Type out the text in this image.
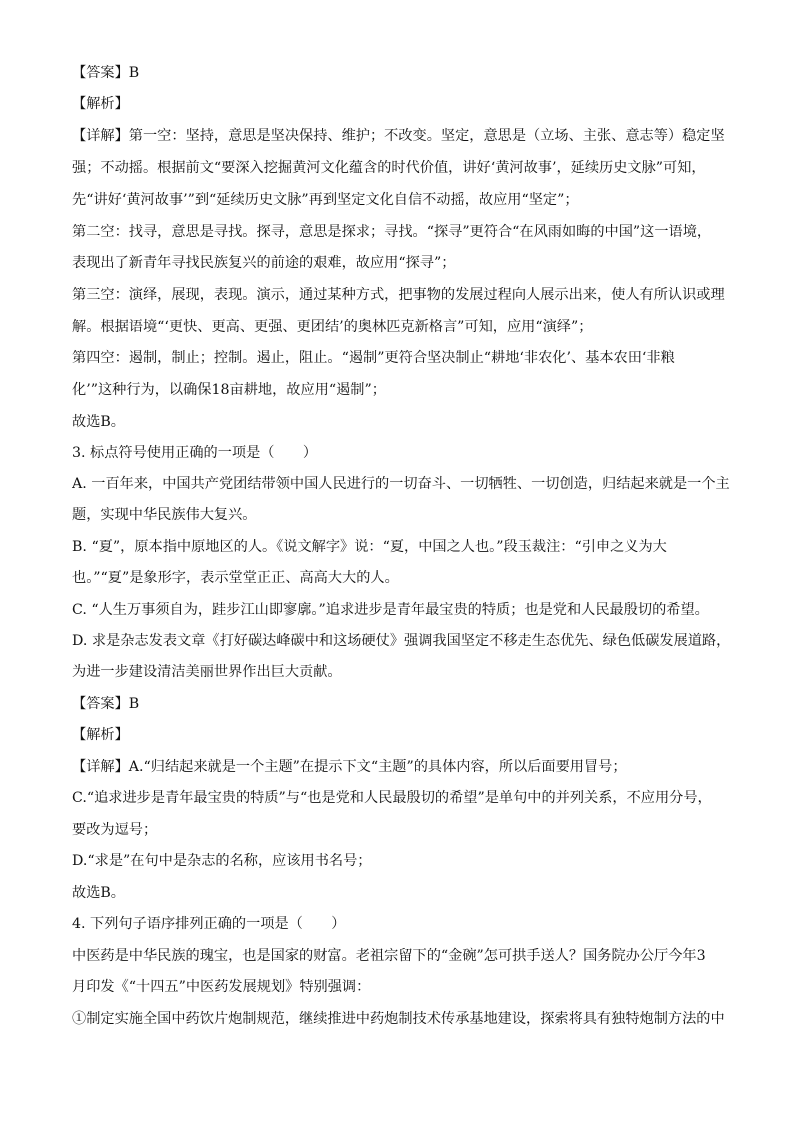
【答案】B
【解析】
【详解】第一空：坚持，意思是坚决保持、维护；不改变。坚定，意思是（立场、主张、意志等）稳定坚
强；不动摇。根据前文“要深入挖掘黄河文化蕴含的时代价值，讲好‘黄河故事’，延续历史文脉”可知，
先“讲好‘黄河故事’”到“延续历史文脉”再到坚定文化自信不动摇，故应用“坚定”；
第二空：找寻，意思是寻找。探寻，意思是探求；寻找。“探寻”更符合“在风雨如晦的中国”这一语境，
表现出了新青年寻找民族复兴的前途的艰难，故应用“探寻”；
第三空：演绎，展现，表现。演示，通过某种方式，把事物的发展过程向人展示出来，使人有所认识或理
解。根据语境“‘更快、更高、更强、更团结’的奥林匹克新格言”可知，应用“演绎”；
第四空：遏制，制止；控制。遏止，阻止。“遏制”更符合坚决制止“耕地‘非农化’、基本农田‘非粮
化’”这种行为，以确保18亩耕地，故应用“遏制”；
故选B。
3. 标点符号使用正确的一项是（　　）
A. 一百年来，中国共产党团结带领中国人民进行的一切奋斗、一切牺牲、一切创造，归结起来就是一个主
题，实现中华民族伟大复兴。
B. “夏”，原本指中原地区的人。《说文解字》说：“夏，中国之人也。”段玉裁注：“引申之义为大
也。”“夏”是象形字，表示堂堂正正、高高大大的人。
C. “人生万事须自为，跬步江山即寥廓。”追求进步是青年最宝贵的特质；也是党和人民最殷切的希望。
D. 求是杂志发表文章《打好碳达峰碳中和这场硬仗》强调我国坚定不移走生态优先、绿色低碳发展道路，
为进一步建设清洁美丽世界作出巨大贡献。
【答案】B
【解析】
【详解】A.“归结起来就是一个主题”在提示下文“主题”的具体内容，所以后面要用冒号；
C.“追求进步是青年最宝贵的特质”与“也是党和人民最殷切的希望”是单句中的并列关系，不应用分号，
要改为逗号；
D.“求是”在句中是杂志的名称，应该用书名号；
故选B。
4. 下列句子语序排列正确的一项是（　　）
中医药是中华民族的瑰宝，也是国家的财富。老祖宗留下的“金碗”怎可拱手送人？国务院办公厅今年3
月印发《“十四五”中医药发展规划》特别强调：
①制定实施全国中药饮片炮制规范，继续推进中药炮制技术传承基地建设，探索将具有独特炮制方法的中
